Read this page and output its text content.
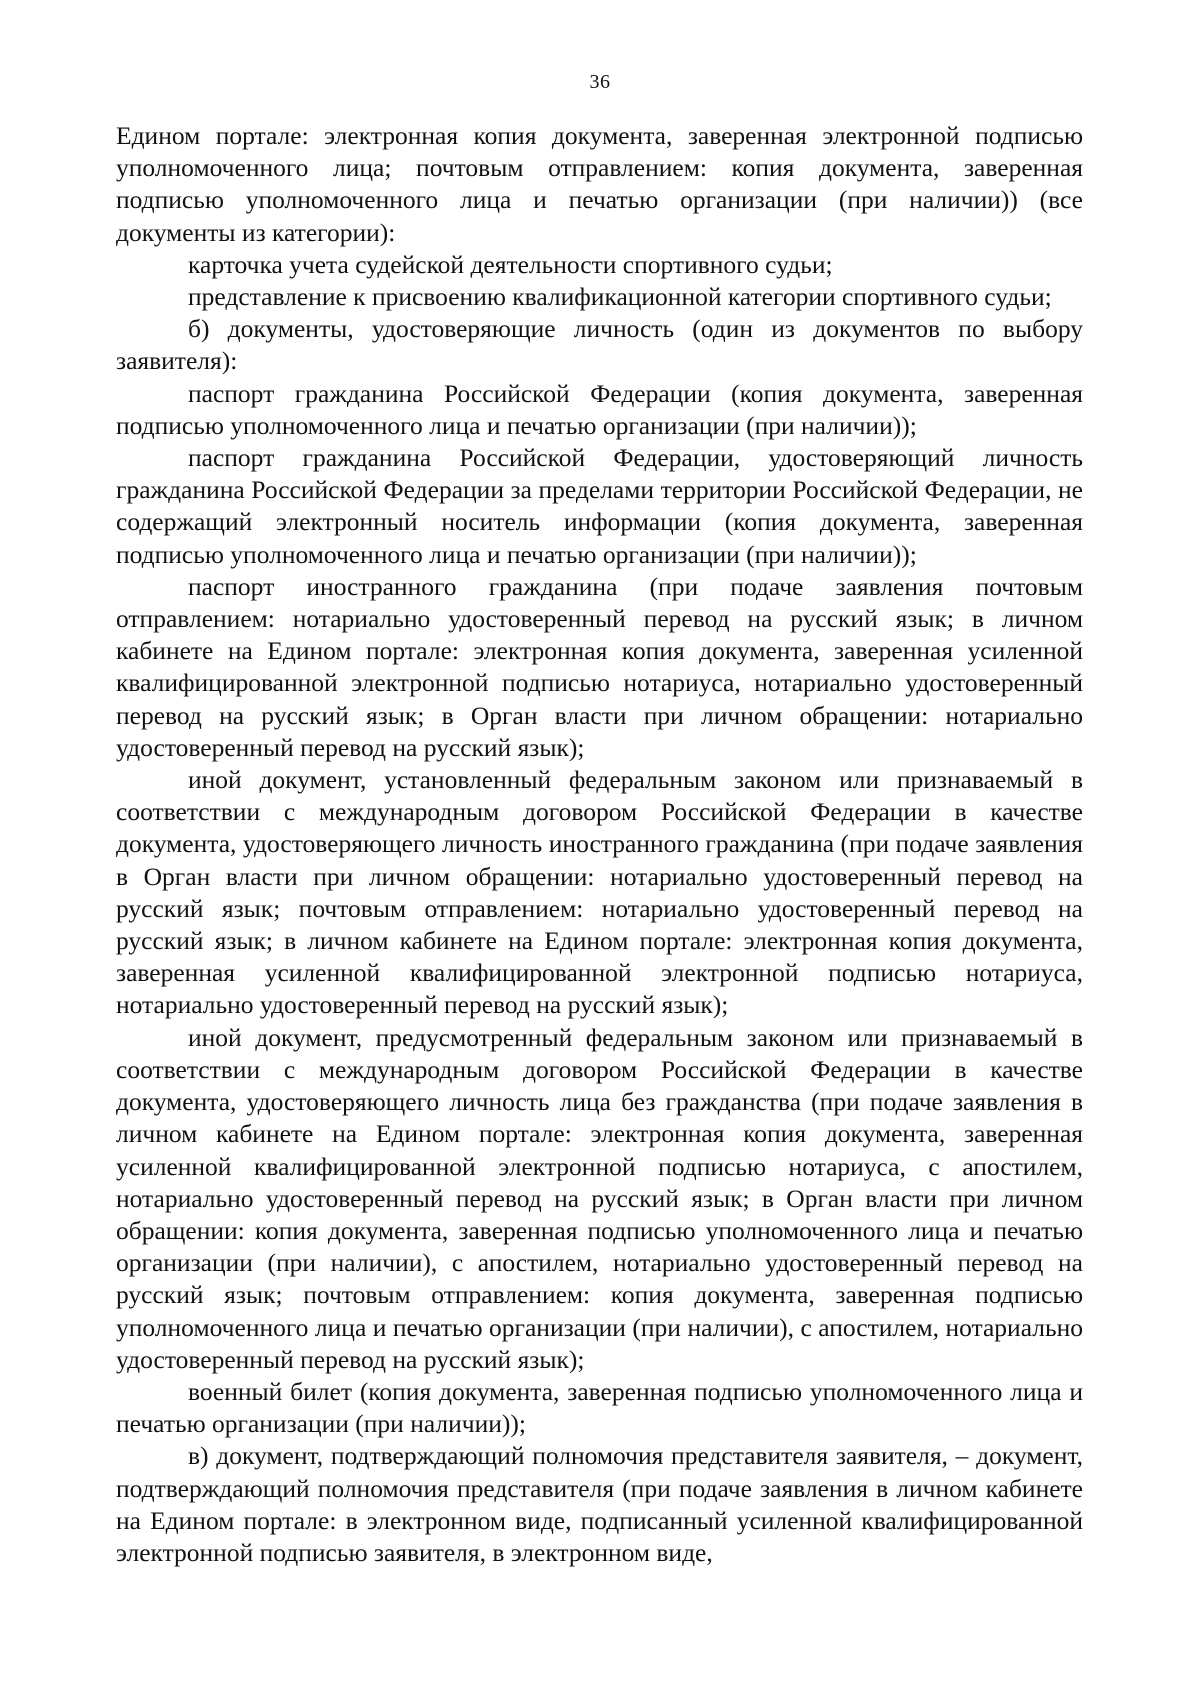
36

Едином портале: электронная копия документа, заверенная электронной подписью уполномоченного лица; почтовым отправлением: копия документа, заверенная подписью уполномоченного лица и печатью организации (при наличии)) (все документы из категории):

карточка учета судейской деятельности спортивного судьи;

представление к присвоению квалификационной категории спортивного судьи;

б) документы, удостоверяющие личность (один из документов по выбору заявителя):

паспорт гражданина Российской Федерации (копия документа, заверенная подписью уполномоченного лица и печатью организации (при наличии));

паспорт гражданина Российской Федерации, удостоверяющий личность гражданина Российской Федерации за пределами территории Российской Федерации, не содержащий электронный носитель информации (копия документа, заверенная подписью уполномоченного лица и печатью организации (при наличии));

паспорт иностранного гражданина (при подаче заявления почтовым отправлением: нотариально удостоверенный перевод на русский язык; в личном кабинете на Едином портале: электронная копия документа, заверенная усиленной квалифицированной электронной подписью нотариуса, нотариально удостоверенный перевод на русский язык; в Орган власти при личном обращении: нотариально удостоверенный перевод на русский язык);

иной документ, установленный федеральным законом или признаваемый в соответствии с международным договором Российской Федерации в качестве документа, удостоверяющего личность иностранного гражданина (при подаче заявления в Орган власти при личном обращении: нотариально удостоверенный перевод на русский язык; почтовым отправлением: нотариально удостоверенный перевод на русский язык; в личном кабинете на Едином портале: электронная копия документа, заверенная усиленной квалифицированной электронной подписью нотариуса, нотариально удостоверенный перевод на русский язык);

иной документ, предусмотренный федеральным законом или признаваемый в соответствии с международным договором Российской Федерации в качестве документа, удостоверяющего личность лица без гражданства (при подаче заявления в личном кабинете на Едином портале: электронная копия документа, заверенная усиленной квалифицированной электронной подписью нотариуса, с апостилем, нотариально удостоверенный перевод на русский язык; в Орган власти при личном обращении: копия документа, заверенная подписью уполномоченного лица и печатью организации (при наличии), с апостилем, нотариально удостоверенный перевод на русский язык; почтовым отправлением: копия документа, заверенная подписью уполномоченного лица и печатью организации (при наличии), с апостилем, нотариально удостоверенный перевод на русский язык);

военный билет (копия документа, заверенная подписью уполномоченного лица и печатью организации (при наличии));

в) документ, подтверждающий полномочия представителя заявителя, – документ, подтверждающий полномочия представителя (при подаче заявления в личном кабинете на Едином портале: в электронном виде, подписанный усиленной квалифицированной электронной подписью заявителя, в электронном виде,
